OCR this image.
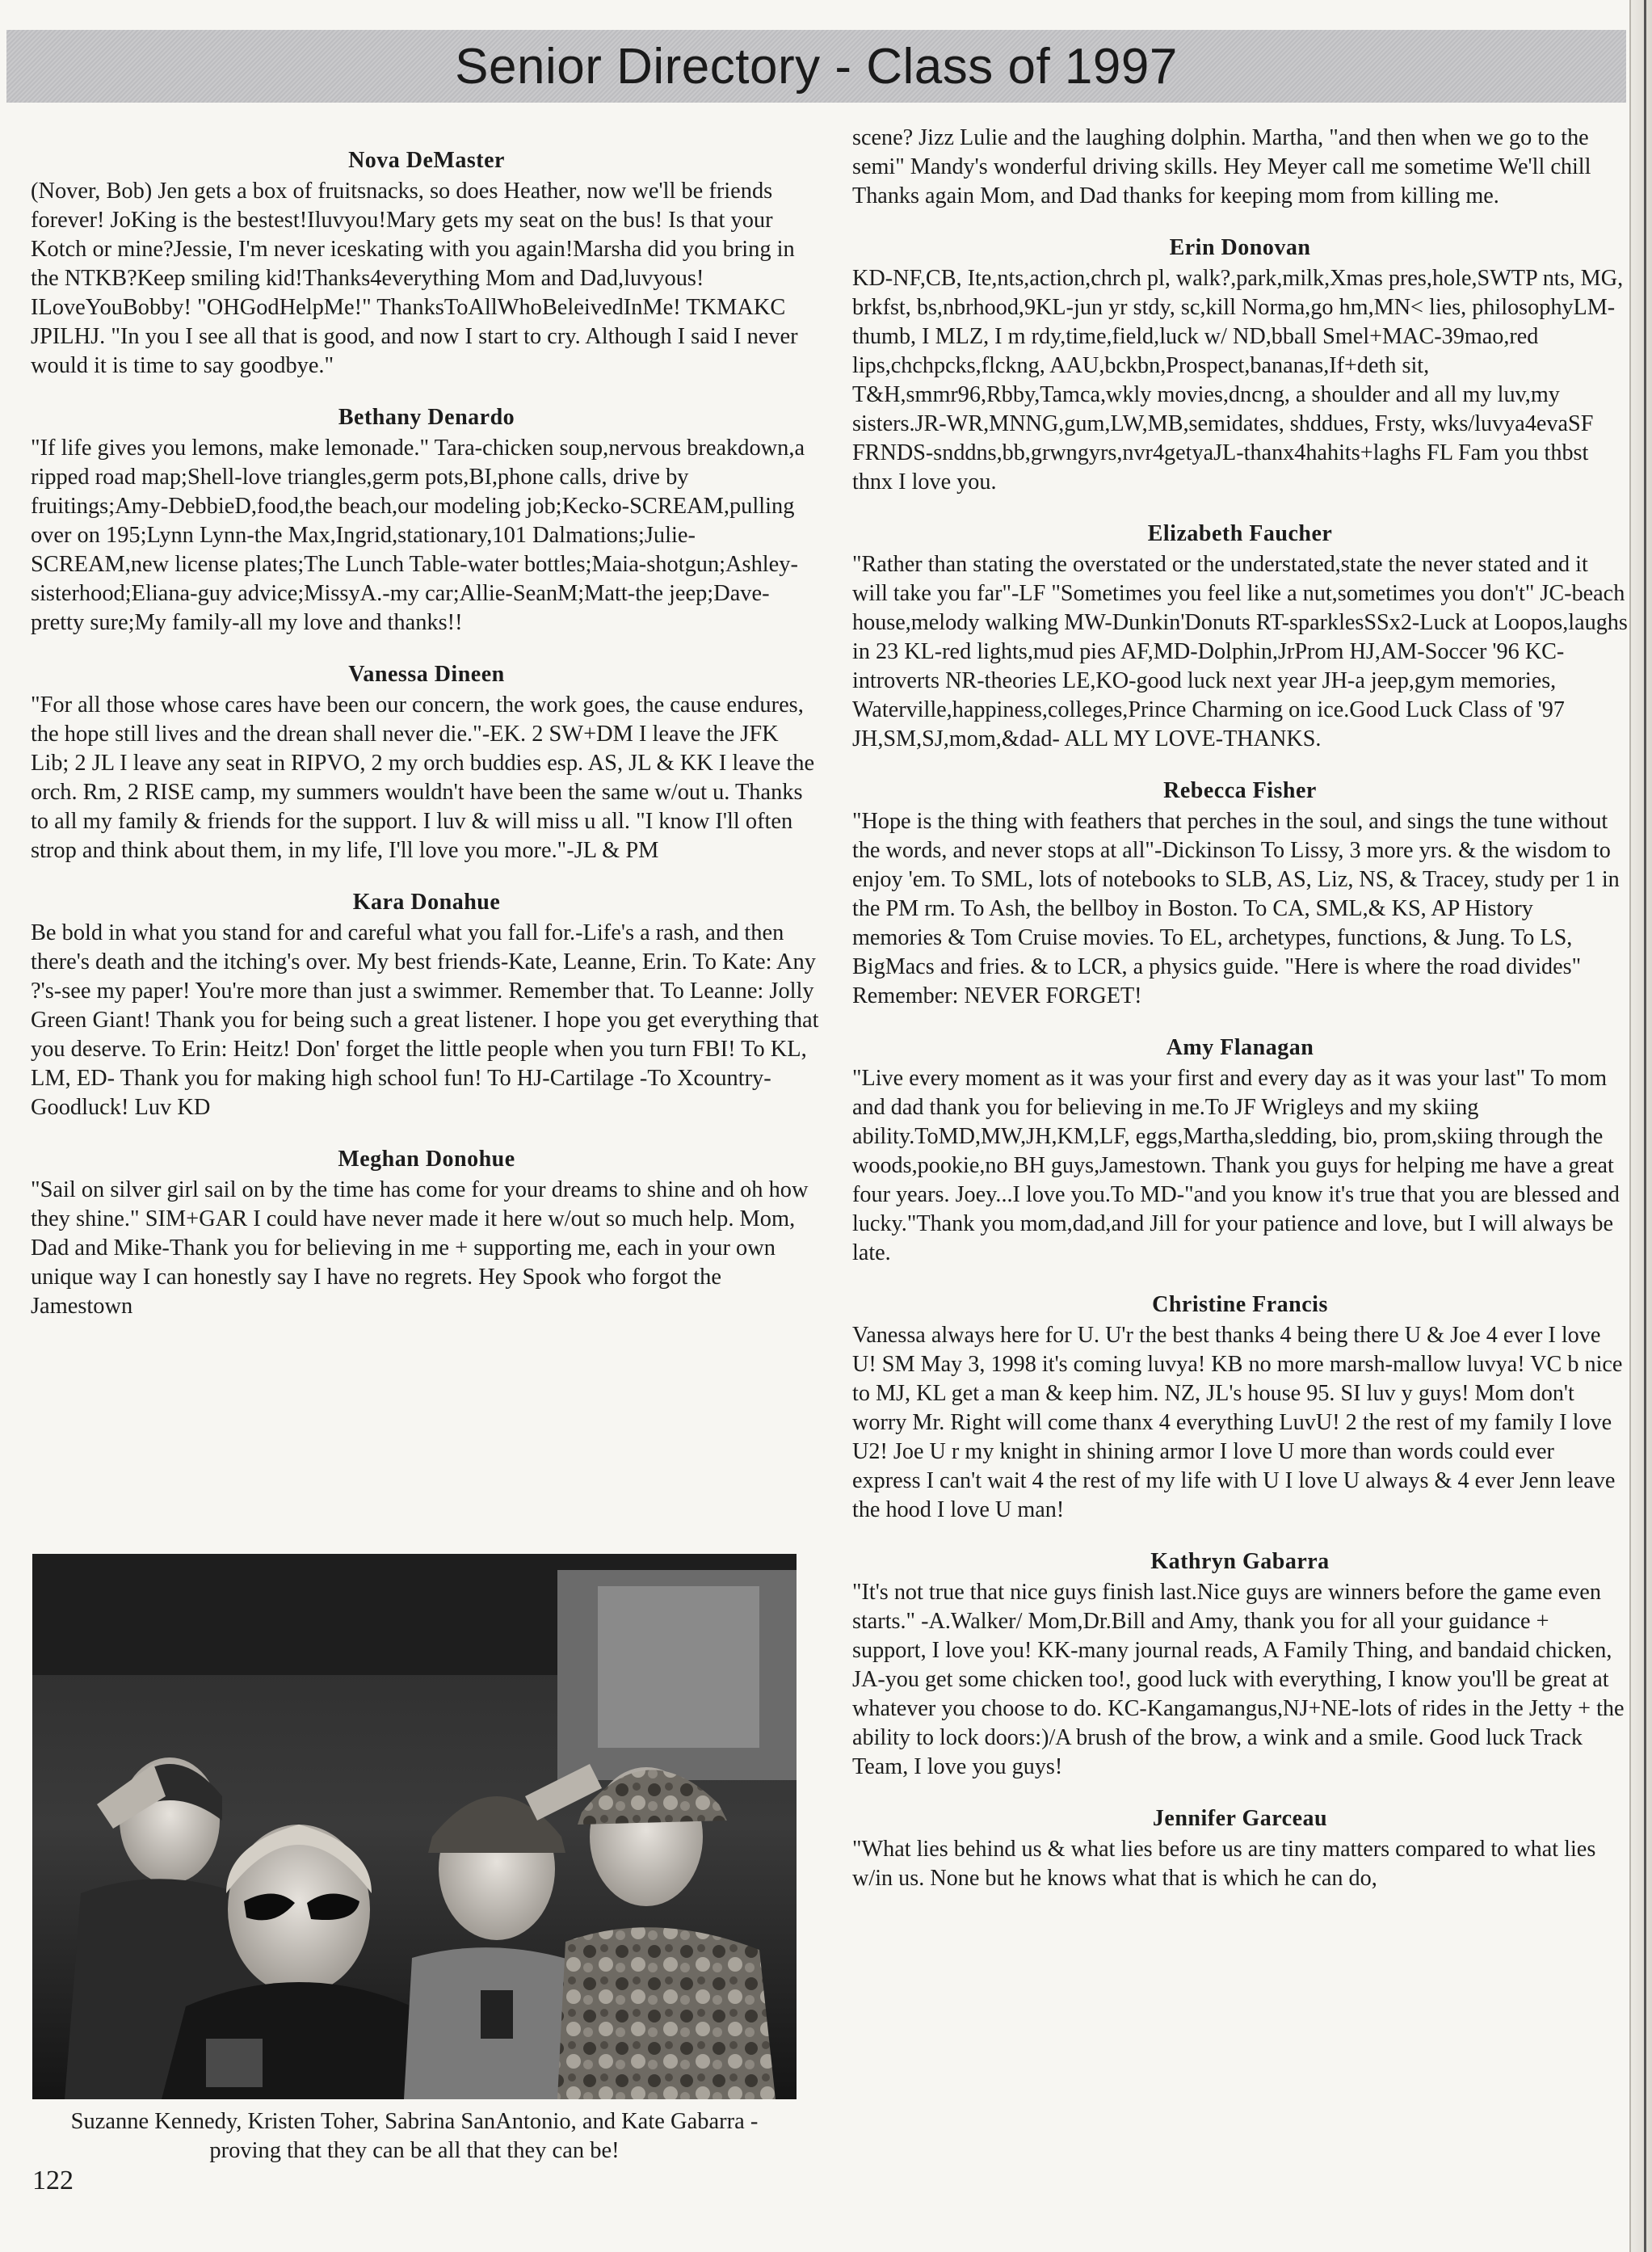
Senior Directory - Class of 1997

Nova DeMaster

(Nover, Bob) Jen gets a box of fruitsnacks, so does Heather, now we'll be friends forever! JoKing is the bestest!Iluvyou!Mary gets my seat on the bus! Is that your Kotch or mine?Jessie, I'm never iceskating with you again!Marsha did you bring in the NTKB?Keep smiling kid!Thanks4everything Mom and Dad,luvyous! ILoveYouBobby! "OHGodHelpMe!" ThanksToAllWhoBeleivedInMe! TKMAKC JPILHJ. "In you I see all that is good, and now I start to cry. Although I said I never would it is time to say goodbye."

Bethany Denardo

"If life gives you lemons, make lemonade." Tara-chicken soup,nervous breakdown,a ripped road map;Shell-love triangles,germ pots,BI,phone calls, drive by fruitings;Amy-DebbieD,food,the beach,our modeling job;Kecko-SCREAM,pulling over on 195;Lynn Lynn-the Max,Ingrid,stationary,101 Dalmations;Julie-SCREAM,new license plates;The Lunch Table-water bottles;Maia-shotgun;Ashley-sisterhood;Eliana-guy advice;MissyA.-my car;Allie-SeanM;Matt-the jeep;Dave-pretty sure;My family-all my love and thanks!!

Vanessa Dineen

"For all those whose cares have been our concern, the work goes, the cause endures, the hope still lives and the drean shall never die."-EK. 2 SW+DM I leave the JFK Lib; 2 JL I leave any seat in RIPVO, 2 my orch buddies esp. AS, JL & KK I leave the orch. Rm, 2 RISE camp, my summers wouldn't have been the same w/out u. Thanks to all my family & friends for the support. I luv & will miss u all. "I know I'll often strop and think about them, in my life, I'll love you more."-JL & PM

Kara Donahue

Be bold in what you stand for and careful what you fall for.-Life's a rash, and then there's death and the itching's over. My best friends-Kate, Leanne, Erin. To Kate: Any ?'s-see my paper! You're more than just a swimmer. Remember that. To Leanne: Jolly Green Giant! Thank you for being such a great listener. I hope you get everything that you deserve. To Erin: Heitz! Don' forget the little people when you turn FBI! To KL, LM, ED- Thank you for making high school fun! To HJ-Cartilage -To Xcountry- Goodluck! Luv KD

Meghan Donohue

"Sail on silver girl sail on by the time has come for your dreams to shine and oh how they shine." SIM+GAR I could have never made it here w/out so much help. Mom, Dad and Mike-Thank you for believing in me + supporting me, each in your own unique way I can honestly say I have no regrets. Hey Spook who forgot the Jamestown

scene? Jizz Lulie and the laughing dolphin. Martha, "and then when we go to the semi" Mandy's wonderful driving skills. Hey Meyer call me sometime We'll chill Thanks again Mom, and Dad thanks for keeping mom from killing me.

Erin Donovan

KD-NF,CB, Ite,nts,action,chrch pl, walk?,park,milk,Xmas pres,hole,SWTP nts, MG, brkfst, bs,nbrhood,9KL-jun yr stdy, sc,kill Norma,go hm,MN< lies, philosophyLM-thumb, I MLZ, I m rdy,time,field,luck w/ ND,bball Smel+MAC-39mao,red lips,chchpcks,flckng, AAU,bckbn,Prospect,bananas,If+deth sit, T&H,smmr96,Rbby,Tamca,wkly movies,dncng, a shoulder and all my luv,my sisters.JR-WR,MNNG,gum,LW,MB,semidates, shddues, Frsty, wks/luvya4evaSF FRNDS-snddns,bb,grwngyrs,nvr4getyaJL-thanx4hahits+laghs FL Fam you thbst thnx I love you.

Elizabeth Faucher

"Rather than stating the overstated or the understated,state the never stated and it will take you far"-LF "Sometimes you feel like a nut,sometimes you don't" JC-beach house,melody walking MW-Dunkin'Donuts RT-sparklesSSx2-Luck at Loopos,laughs in 23 KL-red lights,mud pies AF,MD-Dolphin,JrProm HJ,AM-Soccer '96 KC-introverts NR-theories LE,KO-good luck next year JH-a jeep,gym memories, Waterville,happiness,colleges,Prince Charming on ice.Good Luck Class of '97 JH,SM,SJ,mom,&dad- ALL MY LOVE-THANKS.

Rebecca Fisher

"Hope is the thing with feathers that perches in the soul, and sings the tune without the words, and never stops at all"-Dickinson To Lissy, 3 more yrs. & the wisdom to enjoy 'em. To SML, lots of notebooks to SLB, AS, Liz, NS, & Tracey, study per 1 in the PM rm. To Ash, the bellboy in Boston. To CA, SML,& KS, AP History memories & Tom Cruise movies. To EL, archetypes, functions, & Jung. To LS, BigMacs and fries. & to LCR, a physics guide. "Here is where the road divides" Remember: NEVER FORGET!

Amy Flanagan

"Live every moment as it was your first and every day as it was your last" To mom and dad thank you for believing in me.To JF Wrigleys and my skiing ability.ToMD,MW,JH,KM,LF, eggs,Martha,sledding, bio, prom,skiing through the woods,pookie,no BH guys,Jamestown. Thank you guys for helping me have a great four years. Joey...I love you.To MD-"and you know it's true that you are blessed and lucky."Thank you mom,dad,and Jill for your patience and love, but I will always be late.

Christine Francis

Vanessa always here for U. U'r the best thanks 4 being there U & Joe 4 ever I love U! SM May 3, 1998 it's coming luvya! KB no more marsh-mallow luvya! VC b nice to MJ, KL get a man & keep him. NZ, JL's house 95. SI luv y guys! Mom don't worry Mr. Right will come thanx 4 everything LuvU! 2 the rest of my family I love U2! Joe U r my knight in shining armor I love U more than words could ever express I can't wait 4 the rest of my life with U I love U always & 4 ever Jenn leave the hood I love U man!

Kathryn Gabarra

"It's not true that nice guys finish last.Nice guys are winners before the game even starts." -A.Walker/ Mom,Dr.Bill and Amy, thank you for all your guidance + support, I love you! KK-many journal reads, A Family Thing, and bandaid chicken, JA-you get some chicken too!, good luck with everything, I know you'll be great at whatever you choose to do. KC-Kangamangus,NJ+NE-lots of rides in the Jetty + the ability to lock doors:)/A brush of the brow, a wink and a smile. Good luck Track Team, I love you guys!

Jennifer Garceau

"What lies behind us & what lies before us are tiny matters compared to what lies w/in us. None but he knows what that is which he can do,

Suzanne Kennedy, Kristen Toher, Sabrina SanAntonio, and Kate Gabarra - proving that they can be all that they can be!
122
